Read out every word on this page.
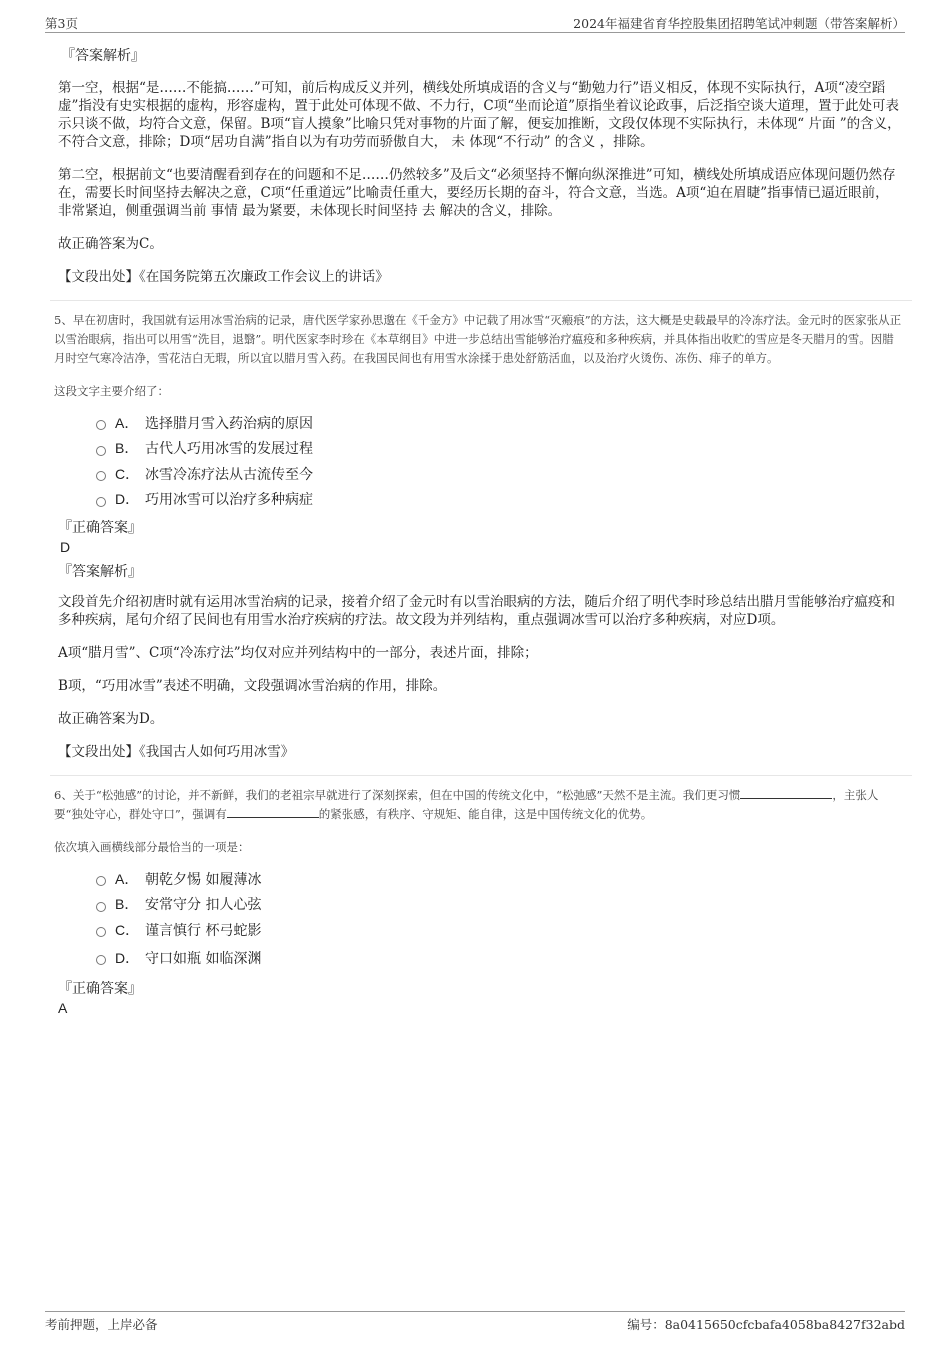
第3页	2024年福建省育华控股集团招聘笔试冲刺题（带答案解析）
『答案解析』

第一空，根据“是……不能搞……”可知，前后构成反义并列，横线处所填成语的含义与“勤勉力行”语义相反，体现不实际执行，A项“凌空蹈虚”指没有史实根据的虚构，形容虚构，置于此处可体现不做、不力行，C项“坐而论道”原指坐着议论政事，后泛指空谈大道理，置于此处可表示只谈不做，均符合文意，保留。B项“盲人摸象”比喻只凭对事物的片面了解，便妄加推断，文段仅体现不实际执行，未体现“ 片面 ”的含义，不符合文意，排除；D项“居功自满”指自以为有功劳而骄傲自大， 未 体现“不行动” 的含义 ，排除。

第二空，根据前文“也要清醒看到存在的问题和不足……仍然较多”及后文“必须坚持不懈向纵深推进”可知，横线处所填成语应体现问题仍然存在，需要长时间坚持去解决之意，C项“任重道远”比喻责任重大，要经历长期的奋斗，符合文意，当选。A项“迫在眉睫”指事情已逼近眼前，非常紧迫，侧重强调当前 事情 最为紧要，未体现长时间坚持 去 解决的含义，排除。

故正确答案为C。

【文段出处】《在国务院第五次廉政工作会议上的讲话》

5、早在初唐时，我国就有运用冰雪治病的记录，唐代医学家孙思邈在《千金方》中记载了用冰雪“灭瘢痕”的方法，这大概是史载最早的冷冻疗法。金元时的医家张从正以雪治眼病，指出可以用雪“洗目，退翳”。明代医家李时珍在《本草纲目》中进一步总结出雪能够治疗瘟疫和多种疾病，并具体指出收贮的雪应是冬天腊月的雪。因腊月时空气寒冷洁净，雪花洁白无瑕，所以宜以腊月雪入药。在我国民间也有用雪水涂揉于患处舒筋活血，以及治疗火烫伤、冻伤、痱子的单方。

这段文字主要介绍了：

A． 选择腊月雪入药治病的原因
B． 古代人巧用冰雪的发展过程
C． 冰雪冷冻疗法从古流传至今
D． 巧用冰雪可以治疗多种病症
『正确答案』
D
『答案解析』

文段首先介绍初唐时就有运用冰雪治病的记录，接着介绍了金元时有以雪治眼病的方法，随后介绍了明代李时珍总结出腊月雪能够治疗瘟疫和多种疾病，尾句介绍了民间也有用雪水治疗疾病的疗法。故文段为并列结构，重点强调冰雪可以治疗多种疾病，对应D项。

A项“腊月雪”、C项“冷冻疗法”均仅对应并列结构中的一部分，表述片面，排除；

B项，“巧用冰雪”表述不明确，文段强调冰雪治病的作用，排除。

故正确答案为D。

【文段出处】《我国古人如何巧用冰雪》

6、关于“松弛感”的讨论，并不新鲜，我们的老祖宗早就进行了深刻探索，但在中国的传统文化中，“松弛感”天然不是主流。我们更习惯	，主张人要“独处守心，群处守口”，强调有	的紧张感，有秩序、守规矩、能自律，这是中国传统文化的优势。

依次填入画横线部分最恰当的一项是：

A． 朝乾夕惕 如履薄冰
B． 安常守分 扣人心弦
C． 谨言慎行 杯弓蛇影
D． 守口如瓶 如临深渊
『正确答案』
A
考前押题，上岸必备	编号：8a0415650cfcbafa4058ba8427f32abd
